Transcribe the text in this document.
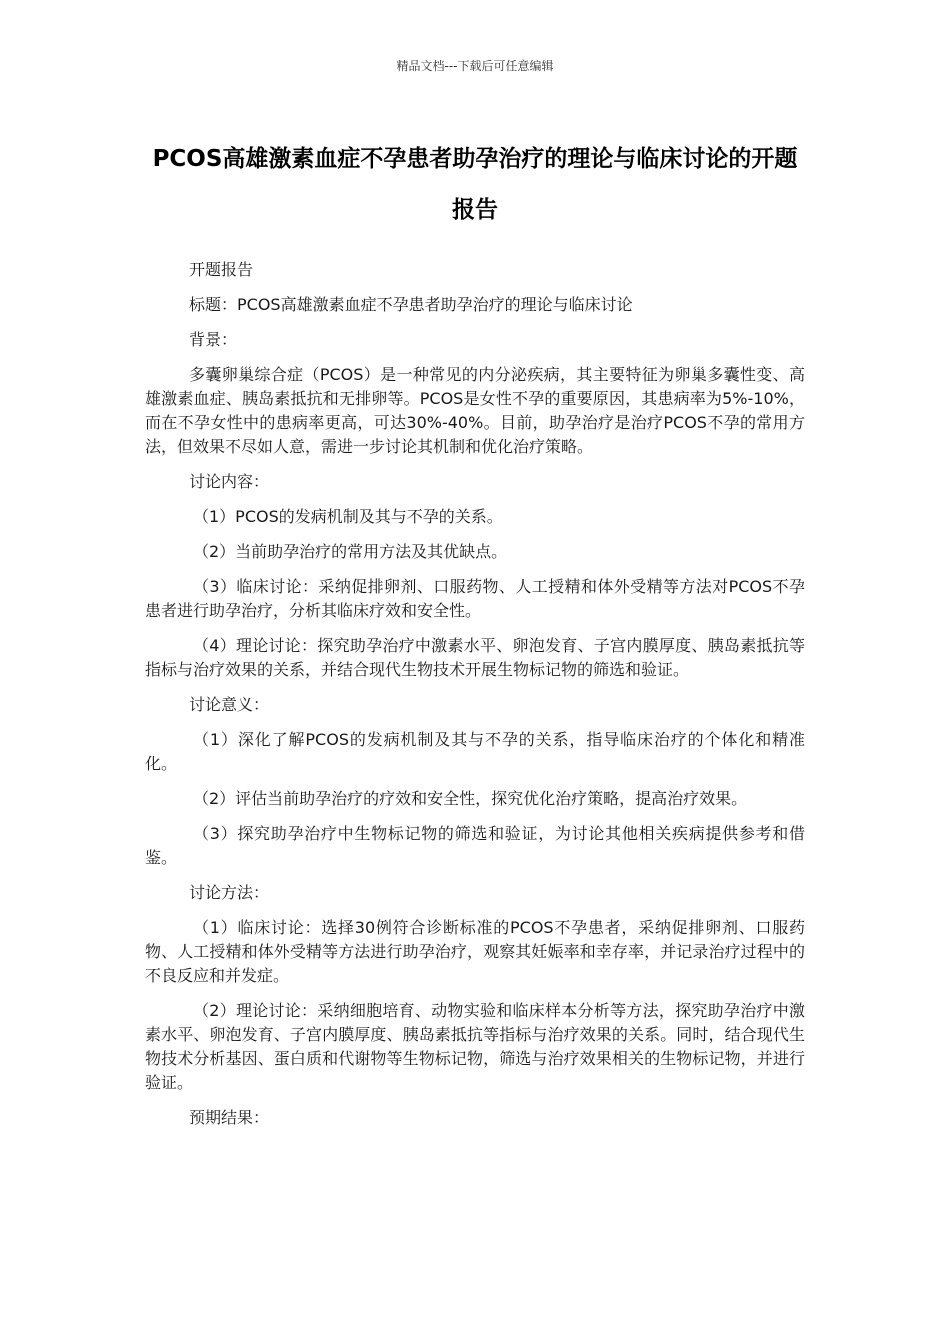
精品文档---下载后可任意编辑
PCOS高雄激素血症不孕患者助孕治疗的理论与临床讨论的开题报告

开题报告

标题：PCOS高雄激素血症不孕患者助孕治疗的理论与临床讨论

背景：

多囊卵巢综合症（PCOS）是一种常见的内分泌疾病，其主要特征为卵巢多囊性变、高雄激素血症、胰岛素抵抗和无排卵等。PCOS是女性不孕的重要原因，其患病率为5%-10%，而在不孕女性中的患病率更高，可达30%-40%。目前，助孕治疗是治疗PCOS不孕的常用方法，但效果不尽如人意，需进一步讨论其机制和优化治疗策略。

讨论内容：

（1）PCOS的发病机制及其与不孕的关系。

（2）当前助孕治疗的常用方法及其优缺点。

（3）临床讨论：采纳促排卵剂、口服药物、人工授精和体外受精等方法对PCOS不孕患者进行助孕治疗，分析其临床疗效和安全性。

（4）理论讨论：探究助孕治疗中激素水平、卵泡发育、子宫内膜厚度、胰岛素抵抗等指标与治疗效果的关系，并结合现代生物技术开展生物标记物的筛选和验证。

讨论意义：

（1）深化了解PCOS的发病机制及其与不孕的关系，指导临床治疗的个体化和精准化。

（2）评估当前助孕治疗的疗效和安全性，探究优化治疗策略，提高治疗效果。

（3）探究助孕治疗中生物标记物的筛选和验证，为讨论其他相关疾病提供参考和借鉴。

讨论方法：

（1）临床讨论：选择30例符合诊断标准的PCOS不孕患者，采纳促排卵剂、口服药物、人工授精和体外受精等方法进行助孕治疗，观察其妊娠率和幸存率，并记录治疗过程中的不良反应和并发症。

（2）理论讨论：采纳细胞培育、动物实验和临床样本分析等方法，探究助孕治疗中激素水平、卵泡发育、子宫内膜厚度、胰岛素抵抗等指标与治疗效果的关系。同时，结合现代生物技术分析基因、蛋白质和代谢物等生物标记物，筛选与治疗效果相关的生物标记物，并进行验证。

预期结果：
